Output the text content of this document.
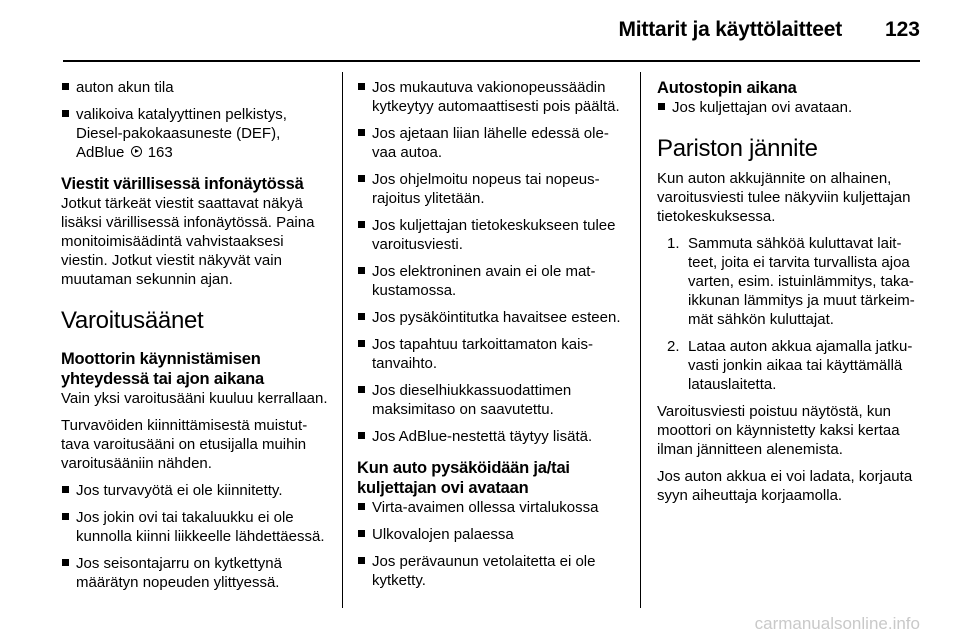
Mittarit ja käyttölaitteet 123
auton akun tila
valikoiva katalyyttinen pelkistys, Diesel-pakokaasuneste (DEF), AdBlue 163
Viestit värillisessä infonäytössä
Jotkut tärkeät viestit saattavat näkyä lisäksi värillisessä infonäytössä. Paina monitoimisäädintä vahvistaaksesi viestin. Jotkut viestit näkyvät vain muutaman sekunnin ajan.
Varoitusäänet
Moottorin käynnistämisen yhteydessä tai ajon aikana
Vain yksi varoitusääni kuuluu kerrallaan.
Turvavöiden kiinnittämisestä muistuttava varoitusääni on etusijalla muihin varoitusääniin nähden.
Jos turvavyötä ei ole kiinnitetty.
Jos jokin ovi tai takaluukku ei ole kunnolla kiinni liikkeelle lähdettäessä.
Jos seisontajarru on kytkettynä määrätyn nopeuden ylittyessä.
Jos mukautuva vakionopeussäädin kytkeytyy automaattisesti pois päältä.
Jos ajetaan liian lähelle edessä olevaa autoa.
Jos ohjelmoitu nopeus tai nopeusrajoitus ylitetään.
Jos kuljettajan tietokeskukseen tulee varoitusviesti.
Jos elektroninen avain ei ole matkustamossa.
Jos pysäköintitutka havaitsee esteen.
Jos tapahtuu tarkoittamaton kaistanvaihto.
Jos dieselhiukkassuodattimen maksimitaso on saavutettu.
Jos AdBlue-nestettä täytyy lisätä.
Kun auto pysäköidään ja/tai kuljettajan ovi avataan
Virta-avaimen ollessa virtalukossa
Ulkovalojen palaessa
Jos perävaunun vetolaitetta ei ole kytketty.
Autostopin aikana
Jos kuljettajan ovi avataan.
Pariston jännite
Kun auton akkujännite on alhainen, varoitusviesti tulee näkyviin kuljettajan tietokeskuksessa.
1. Sammuta sähköä kuluttavat laitteet, joita ei tarvita turvallista ajoa varten, esim. istuinlämmitys, takaikkunan lämmitys ja muut tärkeimmät sähkön kuluttajat.
2. Lataa auton akkua ajamalla jatkuvasti jonkin aikaa tai käyttämällä latauslaitetta.
Varoitusviesti poistuu näytöstä, kun moottori on käynnistetty kaksi kertaa ilman jännitteen alenemista.
Jos auton akkua ei voi ladata, korjauta syyn aiheuttaja korjaamolla.
carmanualsonline.info
